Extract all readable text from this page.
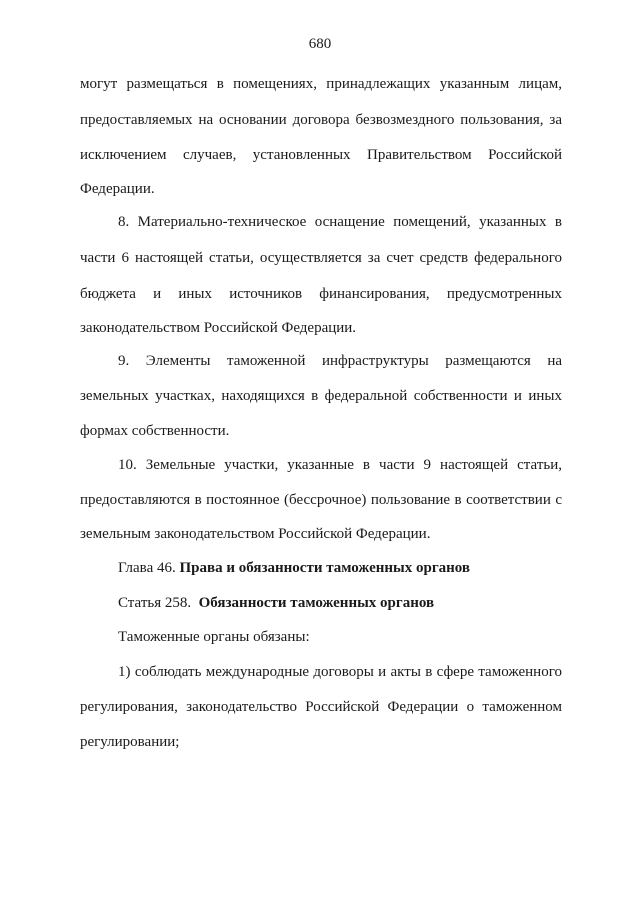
680
могут размещаться в помещениях, принадлежащих указанным лицам,
предоставляемых на основании договора безвозмездного пользования, за
исключением случаев, установленных Правительством Российской
Федерации.
8. Материально-техническое оснащение помещений, указанных в
части 6 настоящей статьи, осуществляется за счет средств федерального
бюджета и иных источников финансирования, предусмотренных
законодательством Российской Федерации.
9. Элементы таможенной инфраструктуры размещаются на
земельных участках, находящихся в федеральной собственности и иных
формах собственности.
10. Земельные участки, указанные в части 9 настоящей статьи,
предоставляются в постоянное (бессрочное) пользование в соответствии с
земельным законодательством Российской Федерации.
Глава 46. Права и обязанности таможенных органов
Статья 258. Обязанности таможенных органов
Таможенные органы обязаны:
1) соблюдать международные договоры и акты в сфере таможенного
регулирования, законодательство Российской Федерации о таможенном
регулировании;
